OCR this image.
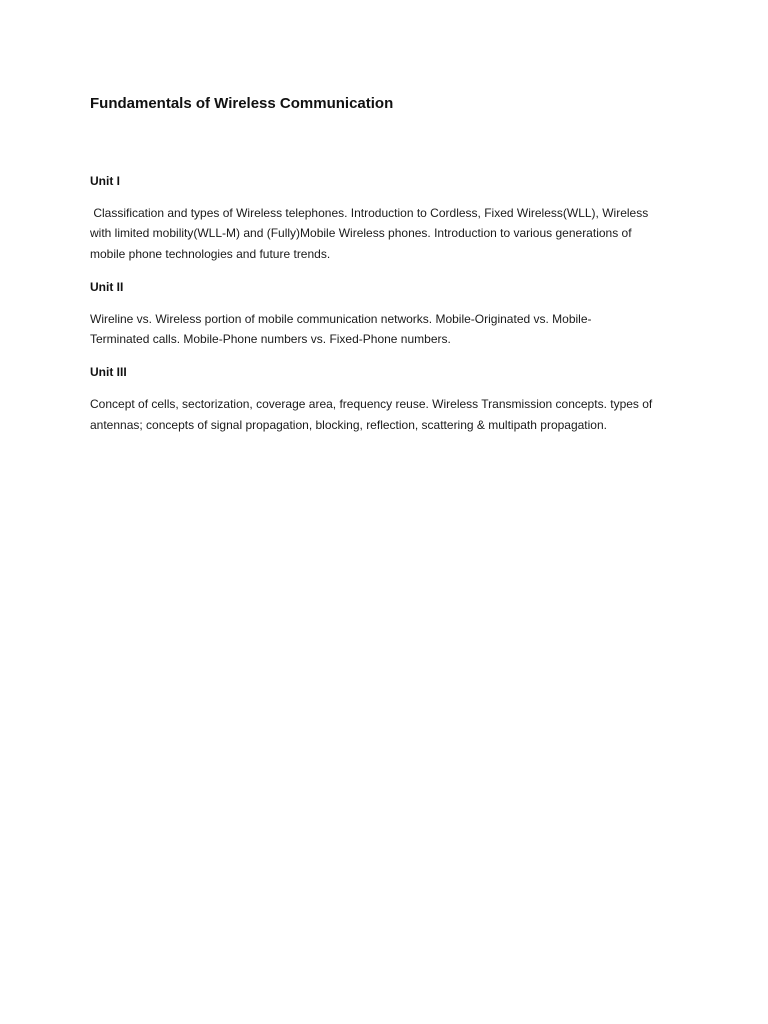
Fundamentals of Wireless Communication
Unit I

Classification and types of Wireless telephones. Introduction to Cordless, Fixed Wireless(WLL), Wireless
with limited mobility(WLL-M) and (Fully)Mobile Wireless phones. Introduction to various generations of
mobile phone technologies and future trends.

Unit II

Wireline vs. Wireless portion of mobile communication networks. Mobile-Originated vs. Mobile-
Terminated calls. Mobile-Phone numbers vs. Fixed-Phone numbers.

Unit III

Concept of cells, sectorization, coverage area, frequency reuse. Wireless Transmission concepts. types of
antennas; concepts of signal propagation, blocking, reflection, scattering & multipath propagation.
